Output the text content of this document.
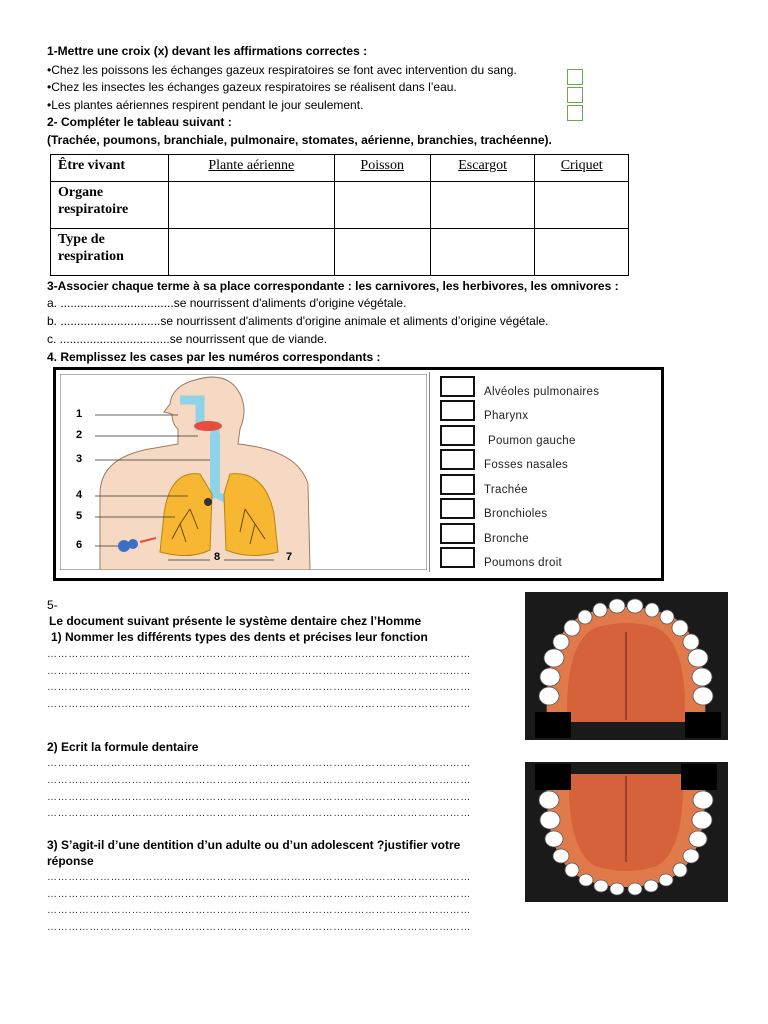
1-Mettre une croix (x) devant les affirmations correctes :
•Chez les poissons les échanges gazeux respiratoires se font avec intervention du sang.
•Chez les insectes les échanges gazeux respiratoires se réalisent dans l’eau.
•Les plantes aériennes respirent pendant le jour seulement.
2- Compléter le tableau suivant :
(Trachée, poumons, branchiale, pulmonaire, stomates, aérienne, branchies, trachéenne).
Être vivant	Plante aérienne	Poisson	Escargot	Criquet
Organe respiratoire				
Type de respiration				
3-Associer chaque terme à sa place correspondante : les carnivores, les herbivores, les omnivores :
a. ..................................se nourrissent d'aliments d'origine végétale.
b. ..............................se nourrissent d'aliments d'origine animale et aliments d’origine végétale.
c. .................................se nourrissent que de viande.
4. Remplissez les cases par les numéros correspondants :
1
2
3
4
5
6
8	7
Alvéoles pulmonaires
Pharynx
Poumon gauche
Fosses nasales
Trachée
Bronchioles
Bronche
Poumons droit
5-
Le document suivant présente le système dentaire chez l’Homme
1) Nommer les différents types des dents et précises leur fonction
…………………………………………………………………………………………………………
…………………………………………………………………………………………………………
…………………………………………………………………………………………………………
…………………………………………………………………………………………………………
2) Ecrit la formule dentaire
…………………………………………………………………………………………………………
…………………………………………………………………………………………………………
…………………………………………………………………………………………………………
…………………………………………………………………………………………………………
3) S’agit-il d’une dentition d’un adulte ou d’un adolescent ?justifier votre
réponse
…………………………………………………………………………………………………………
…………………………………………………………………………………………………………
…………………………………………………………………………………………………………
…………………………………………………………………………………………………………
